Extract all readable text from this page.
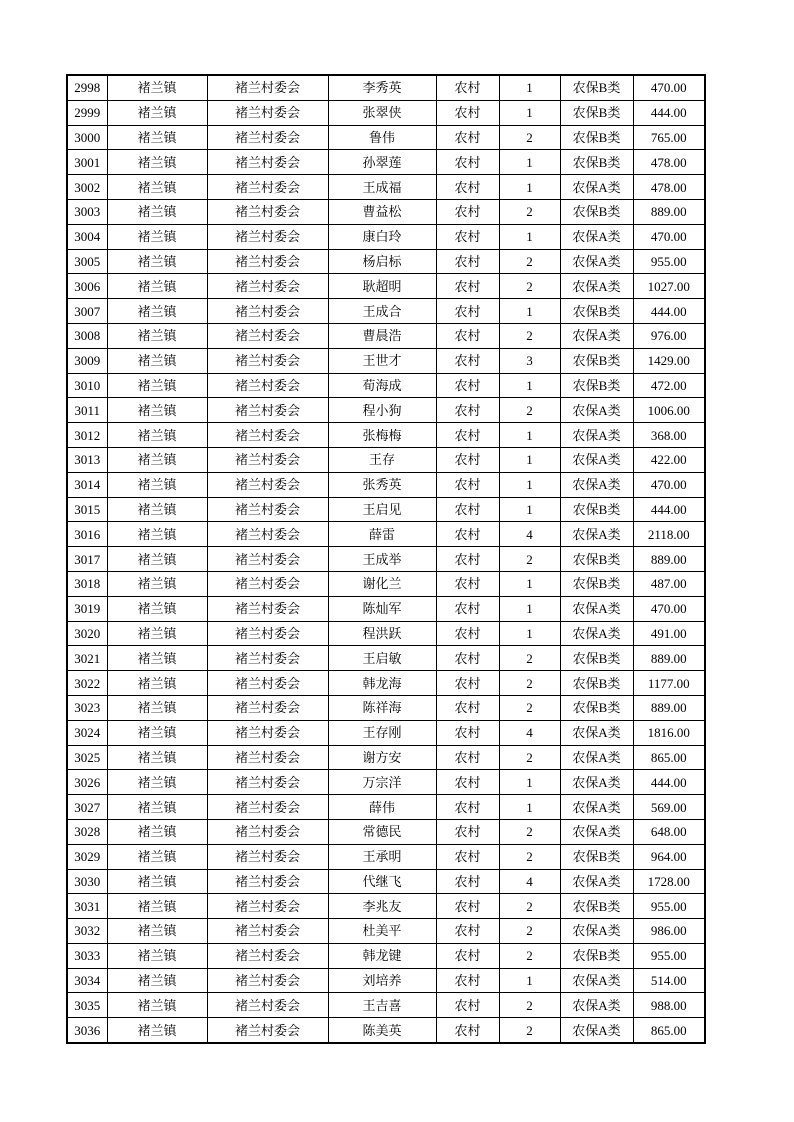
2998	褚兰镇	褚兰村委会	李秀英	农村	1	农保B类	470.00
2999	褚兰镇	褚兰村委会	张翠侠	农村	1	农保B类	444.00
3000	褚兰镇	褚兰村委会	鲁伟	农村	2	农保B类	765.00
3001	褚兰镇	褚兰村委会	孙翠莲	农村	1	农保B类	478.00
3002	褚兰镇	褚兰村委会	王成福	农村	1	农保A类	478.00
3003	褚兰镇	褚兰村委会	曹益松	农村	2	农保B类	889.00
3004	褚兰镇	褚兰村委会	康白玲	农村	1	农保A类	470.00
3005	褚兰镇	褚兰村委会	杨启标	农村	2	农保A类	955.00
3006	褚兰镇	褚兰村委会	耿超明	农村	2	农保A类	1027.00
3007	褚兰镇	褚兰村委会	王成合	农村	1	农保B类	444.00
3008	褚兰镇	褚兰村委会	曹晨浩	农村	2	农保A类	976.00
3009	褚兰镇	褚兰村委会	王世才	农村	3	农保B类	1429.00
3010	褚兰镇	褚兰村委会	荀海成	农村	1	农保B类	472.00
3011	褚兰镇	褚兰村委会	程小狗	农村	2	农保A类	1006.00
3012	褚兰镇	褚兰村委会	张梅梅	农村	1	农保A类	368.00
3013	褚兰镇	褚兰村委会	王存	农村	1	农保A类	422.00
3014	褚兰镇	褚兰村委会	张秀英	农村	1	农保A类	470.00
3015	褚兰镇	褚兰村委会	王启见	农村	1	农保B类	444.00
3016	褚兰镇	褚兰村委会	薛雷	农村	4	农保A类	2118.00
3017	褚兰镇	褚兰村委会	王成举	农村	2	农保B类	889.00
3018	褚兰镇	褚兰村委会	谢化兰	农村	1	农保B类	487.00
3019	褚兰镇	褚兰村委会	陈灿军	农村	1	农保A类	470.00
3020	褚兰镇	褚兰村委会	程洪跃	农村	1	农保A类	491.00
3021	褚兰镇	褚兰村委会	王启敏	农村	2	农保B类	889.00
3022	褚兰镇	褚兰村委会	韩龙海	农村	2	农保B类	1177.00
3023	褚兰镇	褚兰村委会	陈祥海	农村	2	农保B类	889.00
3024	褚兰镇	褚兰村委会	王存刚	农村	4	农保A类	1816.00
3025	褚兰镇	褚兰村委会	谢方安	农村	2	农保A类	865.00
3026	褚兰镇	褚兰村委会	万宗洋	农村	1	农保A类	444.00
3027	褚兰镇	褚兰村委会	薛伟	农村	1	农保A类	569.00
3028	褚兰镇	褚兰村委会	常德民	农村	2	农保A类	648.00
3029	褚兰镇	褚兰村委会	王承明	农村	2	农保B类	964.00
3030	褚兰镇	褚兰村委会	代继飞	农村	4	农保A类	1728.00
3031	褚兰镇	褚兰村委会	李兆友	农村	2	农保B类	955.00
3032	褚兰镇	褚兰村委会	杜美平	农村	2	农保A类	986.00
3033	褚兰镇	褚兰村委会	韩龙键	农村	2	农保B类	955.00
3034	褚兰镇	褚兰村委会	刘培养	农村	1	农保A类	514.00
3035	褚兰镇	褚兰村委会	王吉喜	农村	2	农保A类	988.00
3036	褚兰镇	褚兰村委会	陈美英	农村	2	农保A类	865.00
